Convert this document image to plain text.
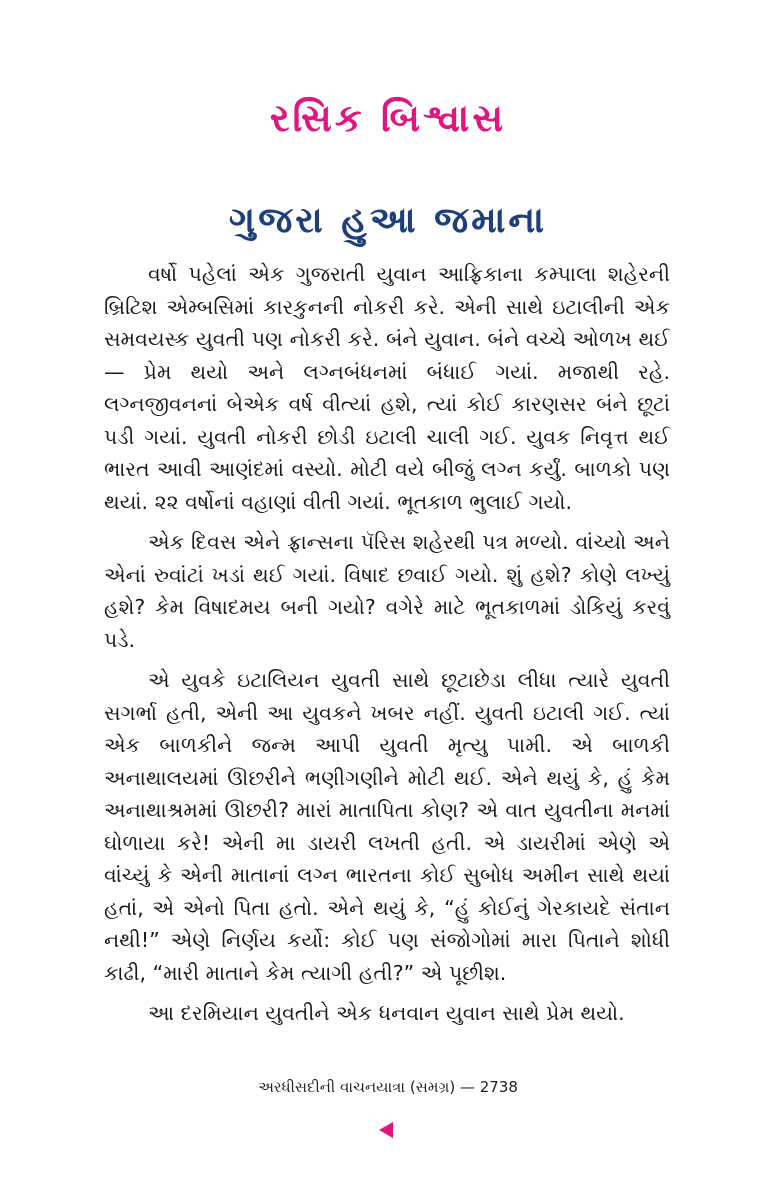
રસિક બિશ્વાસ
ગુજરા હુઆ જમાના

વર્ષો પહેલાં એક ગુજરાતી યુવાન આફ્રિકાના કમ્પાલા શહેરની બ્રિટિશ એમ્બસિમાં કારકુનની નોકરી કરે. એની સાથે ઇટાલીની એક સમવયસ્ક યુવતી પણ નોકરી કરે. બંને યુવાન. બંને વચ્ચે ઓળખ થઈ— પ્રેમ થયો અને લગ્નબંધનમાં બંધાઈ ગયાં. મજાથી રહે. લગ્નજીવનનાં બેએક વર્ષ વીત્યાં હશે, ત્યાં કોઈ કારણસર બંને છૂટાં પડી ગયાં. યુવતી નોકરી છોડી ઇટાલી ચાલી ગઈ. યુવક નિવૃત્ત થઈ ભારત આવી આણંદમાં વસ્યો. મોટી વયે બીજું લગ્ન કર્યું. બાળકો પણ થયાં. ૨૨ વર્ષોનાં વહાણાં વીતી ગયાં. ભૂતકાળ ભુલાઈ ગયો.

એક દિવસ એને ફ્રાન્સના પૅરિસ શહેરથી પત્ર મળ્યો. વાંચ્યો અને એનાં રુવાંટાં ખડાં થઈ ગયાં. વિષાદ છવાઈ ગયો. શું હશે? કોણે લખ્યું હશે? કેમ વિષાદમય બની ગયો? વગેરે માટે ભૂતકાળમાં ડોકિયું કરવું પડે.

એ યુવકે ઇટાલિયન યુવતી સાથે છૂટાછેડા લીધા ત્યારે યુવતી સગર્ભા હતી, એની આ યુવકને ખબર નહીં. યુવતી ઇટાલી ગઈ. ત્યાં એક બાળકીને જન્મ આપી યુવતી મૃત્યુ પામી. એ બાળકી અનાથાલયમાં ઊછરીને ભણીગણીને મોટી થઈ. એને થયું કે, હું કેમ અનાથાશ્રમમાં ઊછરી? મારાં માતાપિતા કોણ? એ વાત યુવતીના મનમાં ઘોળાયા કરે! એની મા ડાયરી લખતી હતી. એ ડાયરીમાં એણે એ વાંચ્યું કે એની માતાનાં લગ્ન ભારતના કોઈ સુબોધ અમીન સાથે થયાં હતાં, એ એનો પિતા હતો. એને થયું કે, “હું કોઈનું ગેરકાયદે સંતાન નથી!” એણે નિર્ણય કર્યો: કોઈ પણ સંજોગોમાં મારા પિતાને શોધી કાઢી, “મારી માતાને કેમ ત્યાગી હતી?” એ પૂછીશ.

આ દરમિયાન યુવતીને એક ધનવાન યુવાન સાથે પ્રેમ થયો.

અરધીસદીની વાચનયાત્રા (સમગ્ર) — 2738
